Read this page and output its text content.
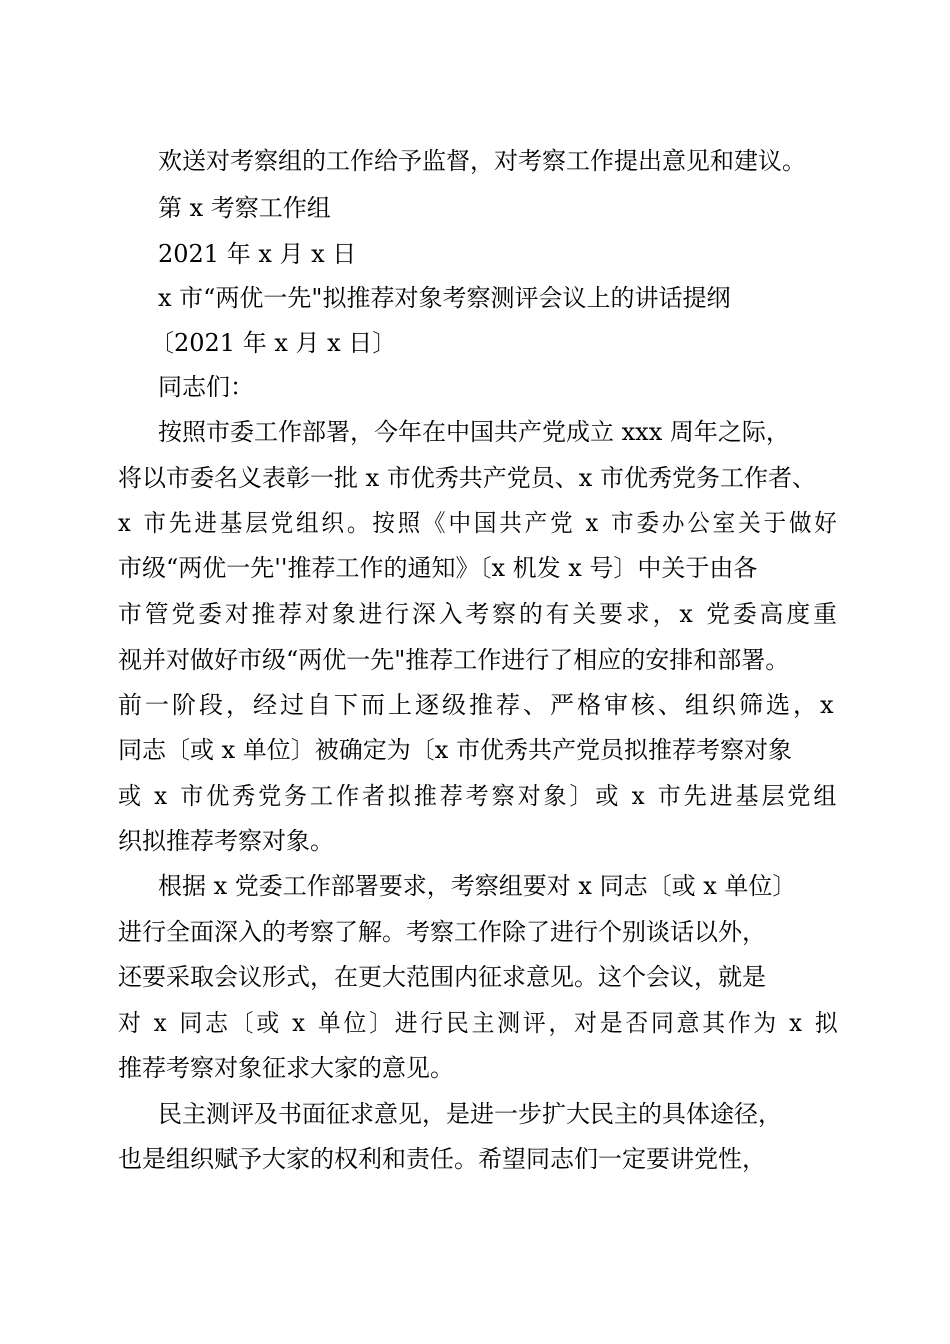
欢送对考察组的工作给予监督，对考察工作提出意见和建议。
第 x 考察工作组
2021 年 x 月 x 日
x 市“两优一先"拟推荐对象考察测评会议上的讲话提纲
〔2021 年 x 月 x 日〕
同志们：
按照市委工作部署，今年在中国共产党成立 xxx 周年之际，
将以市委名义表彰一批 x 市优秀共产党员、x 市优秀党务工作者、
x 市先进基层党组织。按照《中国共产党 x 市委办公室关于做好
市级“两优一先''推荐工作的通知》〔x 机发 x 号〕中关于由各
市管党委对推荐对象进行深入考察的有关要求，x 党委高度重
视并对做好市级“两优一先"推荐工作进行了相应的安排和部署。
前一阶段，经过自下而上逐级推荐、严格审核、组织筛选，x
同志〔或 x 单位〕被确定为〔x 市优秀共产党员拟推荐考察对象
或 x 市优秀党务工作者拟推荐考察对象〕或 x 市先进基层党组
织拟推荐考察对象。
根据 x 党委工作部署要求，考察组要对 x 同志〔或 x 单位〕
进行全面深入的考察了解。考察工作除了进行个别谈话以外，
还要采取会议形式，在更大范围内征求意见。这个会议，就是
对 x 同志〔或 x 单位〕进行民主测评，对是否同意其作为 x 拟
推荐考察对象征求大家的意见。
民主测评及书面征求意见，是进一步扩大民主的具体途径，
也是组织赋予大家的权利和责任。希望同志们一定要讲党性，
